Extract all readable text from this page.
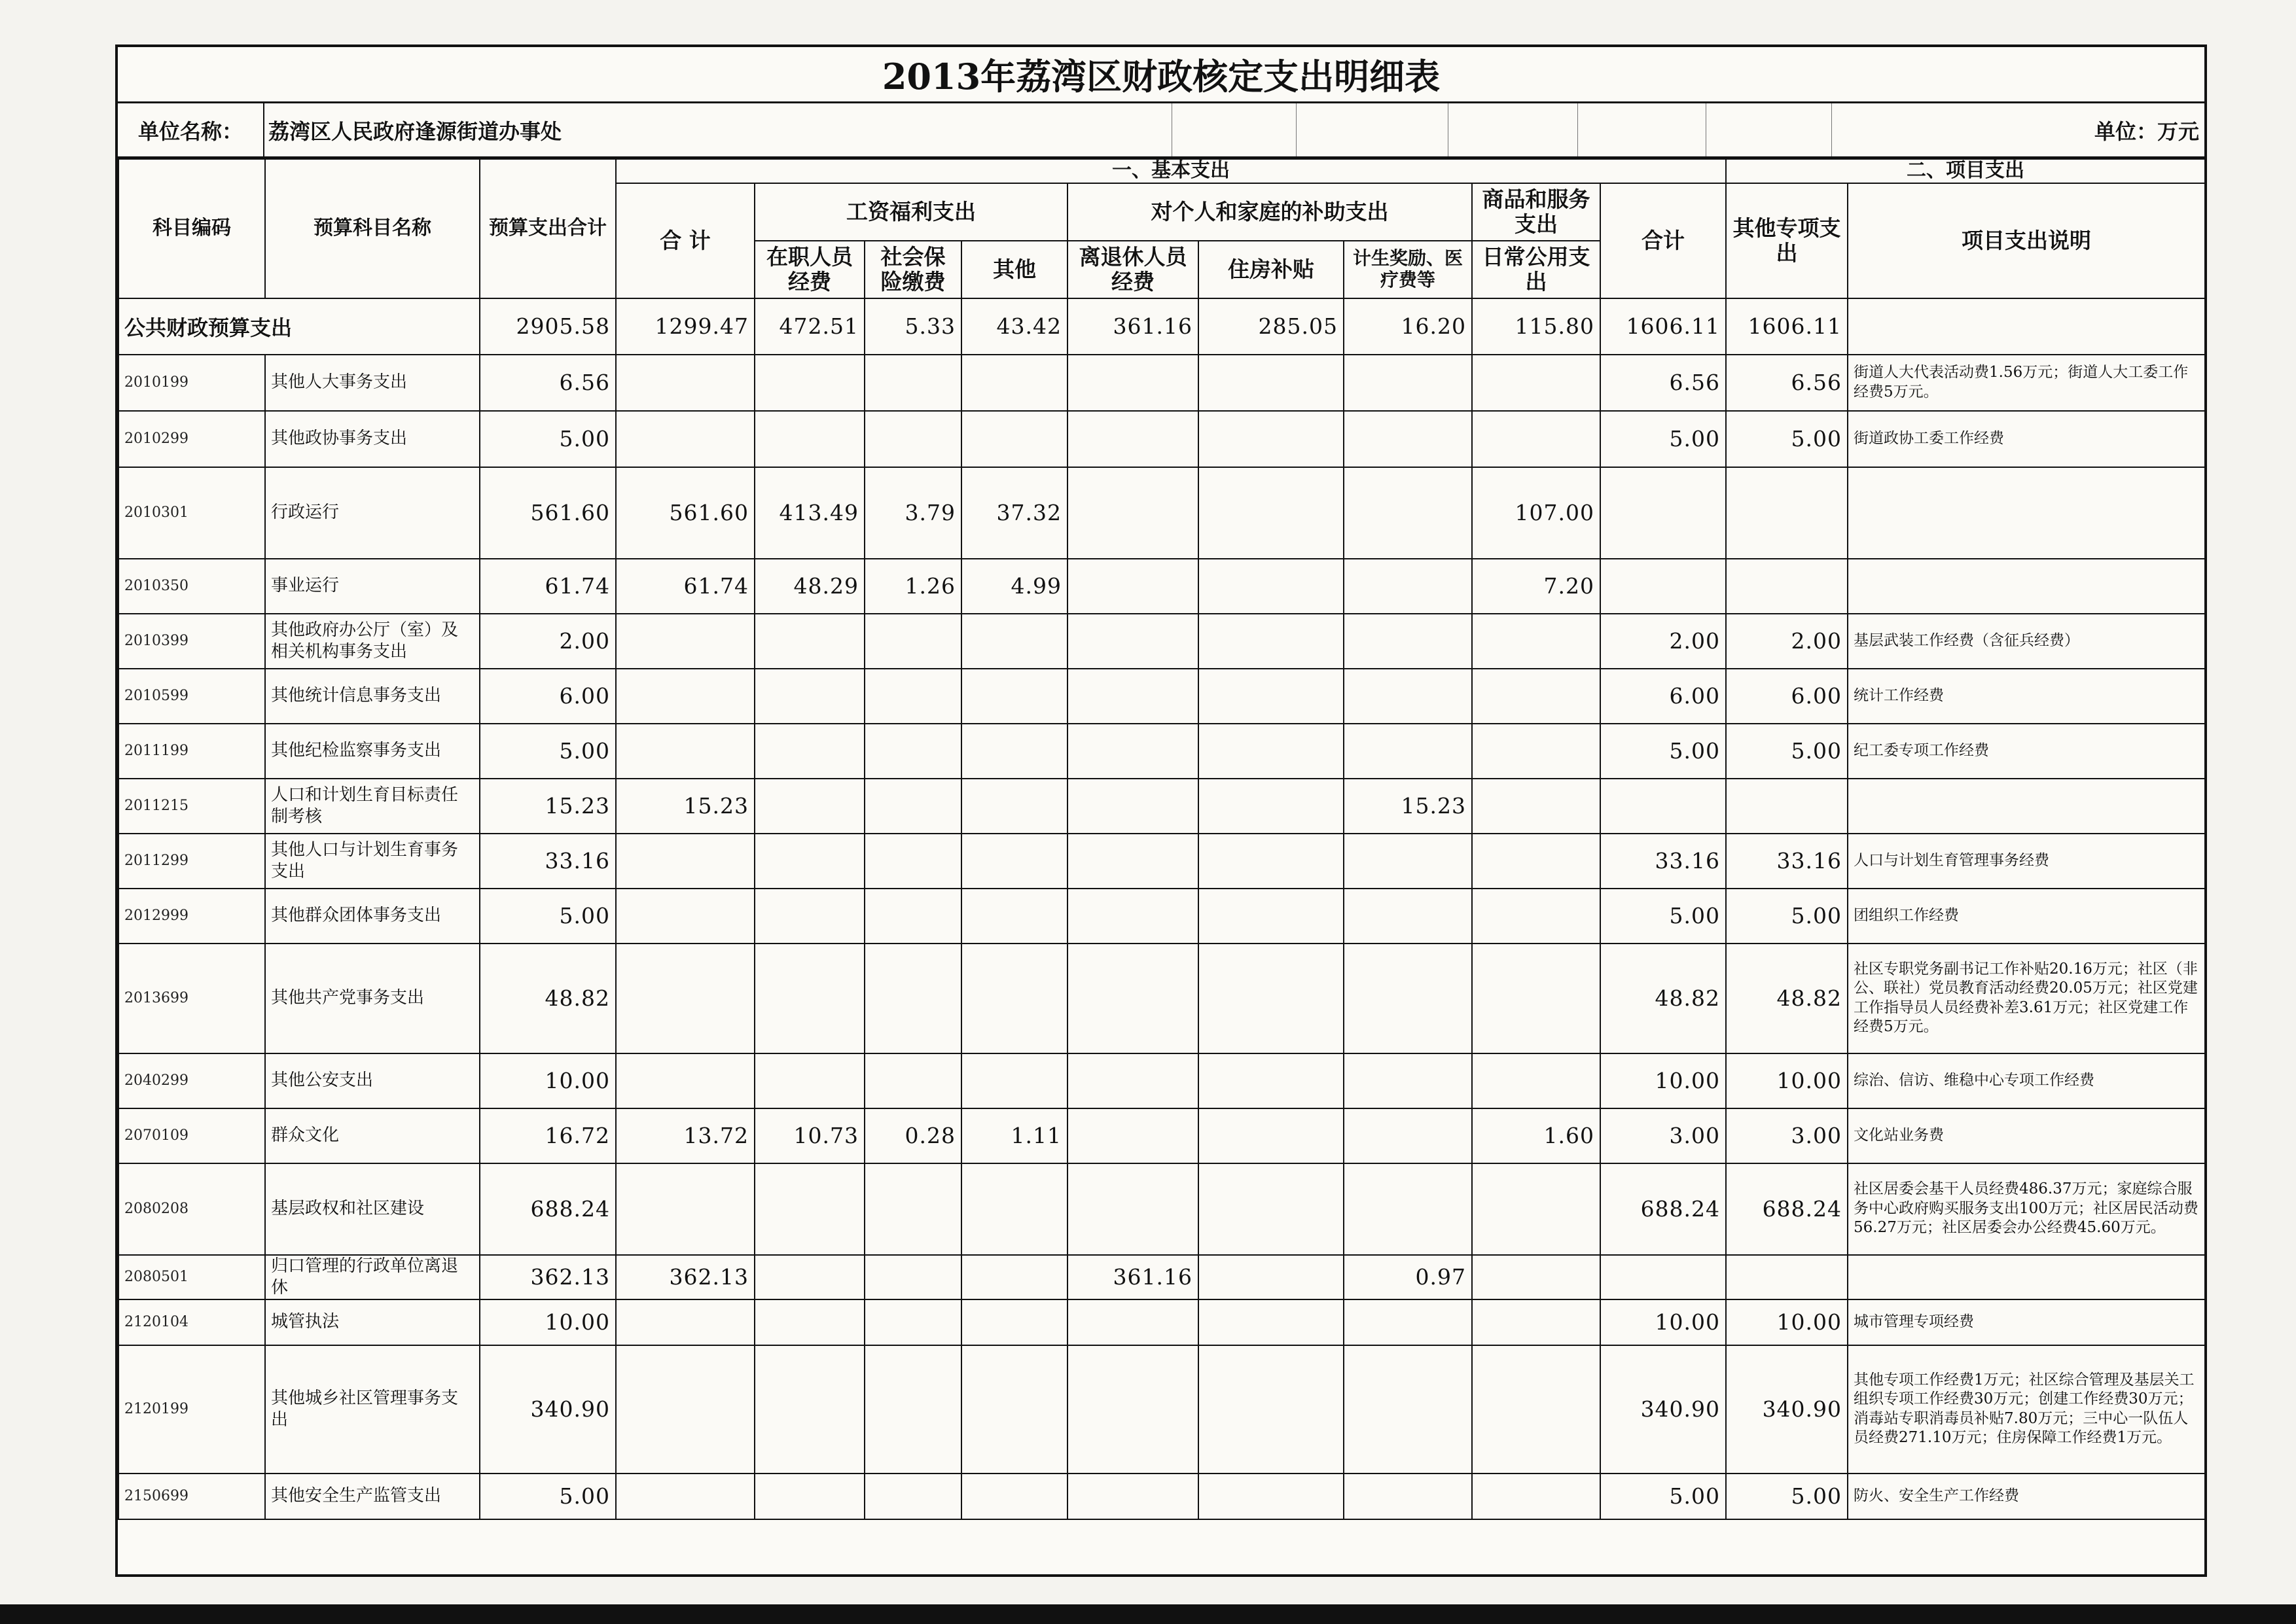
2013年荔湾区财政核定支出明细表
单位名称：	荔湾区人民政府逢源街道办事处	单位：万元
科目编码	预算科目名称	预算支出合计	一、基本支出									二、项目支出	
			合 计	工资福利支出			对个人和家庭的补助支出			商品和服务支出	合计	其他专项支出	项目支出说明
				在职人员经费	社会保险缴费	其他	离退休人员经费	住房补贴	计生奖励、医疗费等	日常公用支出			
公共财政预算支出		2905.58	1299.47	472.51	5.33	43.42	361.16	285.05	16.20	115.80	1606.11	1606.11	
2010199	其他人大事务支出	6.56									6.56	6.56	街道人大代表活动费1.56万元；街道人大工委工作经费5万元。
2010299	其他政协事务支出	5.00									5.00	5.00	街道政协工委工作经费
2010301	行政运行	561.60	561.60	413.49	3.79	37.32				107.00			
2010350	事业运行	61.74	61.74	48.29	1.26	4.99				7.20			
2010399	其他政府办公厅（室）及相关机构事务支出	2.00									2.00	2.00	基层武装工作经费（含征兵经费）
2010599	其他统计信息事务支出	6.00									6.00	6.00	统计工作经费
2011199	其他纪检监察事务支出	5.00									5.00	5.00	纪工委专项工作经费
2011215	人口和计划生育目标责任制考核	15.23	15.23						15.23				
2011299	其他人口与计划生育事务支出	33.16									33.16	33.16	人口与计划生育管理事务经费
2012999	其他群众团体事务支出	5.00									5.00	5.00	团组织工作经费
2013699	其他共产党事务支出	48.82									48.82	48.82	社区专职党务副书记工作补贴20.16万元；社区（非公、联社）党员教育活动经费20.05万元；社区党建工作指导员人员经费补差3.61万元；社区党建工作经费5万元。
2040299	其他公安支出	10.00									10.00	10.00	综治、信访、维稳中心专项工作经费
2070109	群众文化	16.72	13.72	10.73	0.28	1.11				1.60	3.00	3.00	文化站业务费
2080208	基层政权和社区建设	688.24									688.24	688.24	社区居委会基干人员经费486.37万元；家庭综合服务中心政府购买服务支出100万元；社区居民活动费56.27万元；社区居委会办公经费45.60万元。
2080501	归口管理的行政单位离退休	362.13	362.13				361.16		0.97				
2120104	城管执法	10.00									10.00	10.00	城市管理专项经费
2120199	其他城乡社区管理事务支出	340.90									340.90	340.90	其他专项工作经费1万元；社区综合管理及基层关工组织专项工作经费30万元；创建工作经费30万元；消毒站专职消毒员补贴7.80万元；三中心一队伍人员经费271.10万元；住房保障工作经费1万元。
2150699	其他安全生产监管支出	5.00									5.00	5.00	防火、安全生产工作经费
